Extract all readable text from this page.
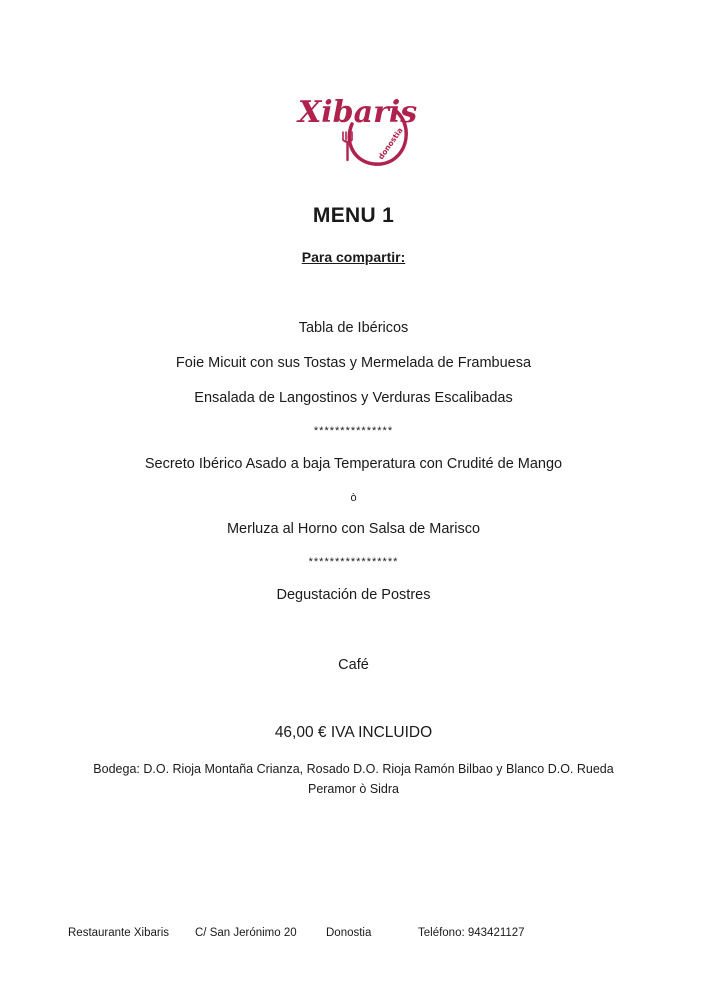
Xibaris
donostia
MENU 1
Para compartir:
Tabla de Ibéricos
Foie Micuit con sus Tostas y Mermelada de Frambuesa
Ensalada de Langostinos y Verduras Escalibadas
***************
Secreto Ibérico Asado a baja Temperatura con Crudité de Mango
ò
Merluza al Horno con Salsa de Marisco
*****************
Degustación de Postres
Café
46,00 € IVA INCLUIDO
Bodega: D.O. Rioja Montaña Crianza, Rosado D.O. Rioja Ramón Bilbao y Blanco D.O. Rueda
Peramor ò Sidra
Restaurante Xibaris C/ San Jerónimo 20	Donostia	Teléfono: 943421127
